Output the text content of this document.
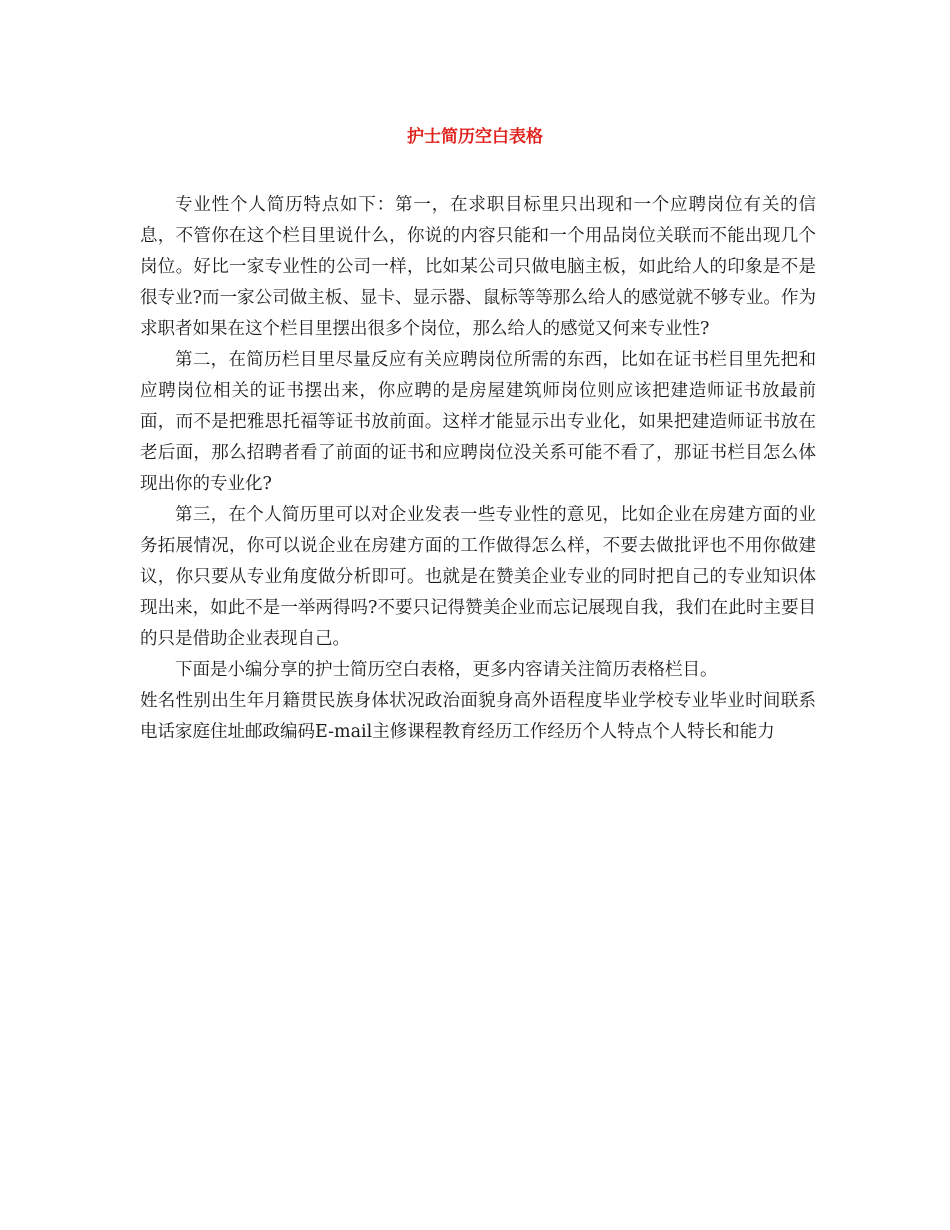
护士简历空白表格

专业性个人简历特点如下：第一，在求职目标里只出现和一个应聘岗位有关的信息，不管你在这个栏目里说什么，你说的内容只能和一个用品岗位关联而不能出现几个岗位。好比一家专业性的公司一样，比如某公司只做电脑主板，如此给人的印象是不是很专业?而一家公司做主板、显卡、显示器、鼠标等等那么给人的感觉就不够专业。作为求职者如果在这个栏目里摆出很多个岗位，那么给人的感觉又何来专业性?

第二，在简历栏目里尽量反应有关应聘岗位所需的东西，比如在证书栏目里先把和应聘岗位相关的证书摆出来，你应聘的是房屋建筑师岗位则应该把建造师证书放最前面，而不是把雅思托福等证书放前面。这样才能显示出专业化，如果把建造师证书放在老后面，那么招聘者看了前面的证书和应聘岗位没关系可能不看了，那证书栏目怎么体现出你的专业化?

第三，在个人简历里可以对企业发表一些专业性的意见，比如企业在房建方面的业务拓展情况，你可以说企业在房建方面的工作做得怎么样，不要去做批评也不用你做建议，你只要从专业角度做分析即可。也就是在赞美企业专业的同时把自己的专业知识体现出来，如此不是一举两得吗?不要只记得赞美企业而忘记展现自我，我们在此时主要目的只是借助企业表现自己。

下面是小编分享的护士简历空白表格，更多内容请关注简历表格栏目。

姓名性别出生年月籍贯民族身体状况政治面貌身高外语程度毕业学校专业毕业时间联系电话家庭住址邮政编码E-mail主修课程教育经历工作经历个人特点个人特长和能力
